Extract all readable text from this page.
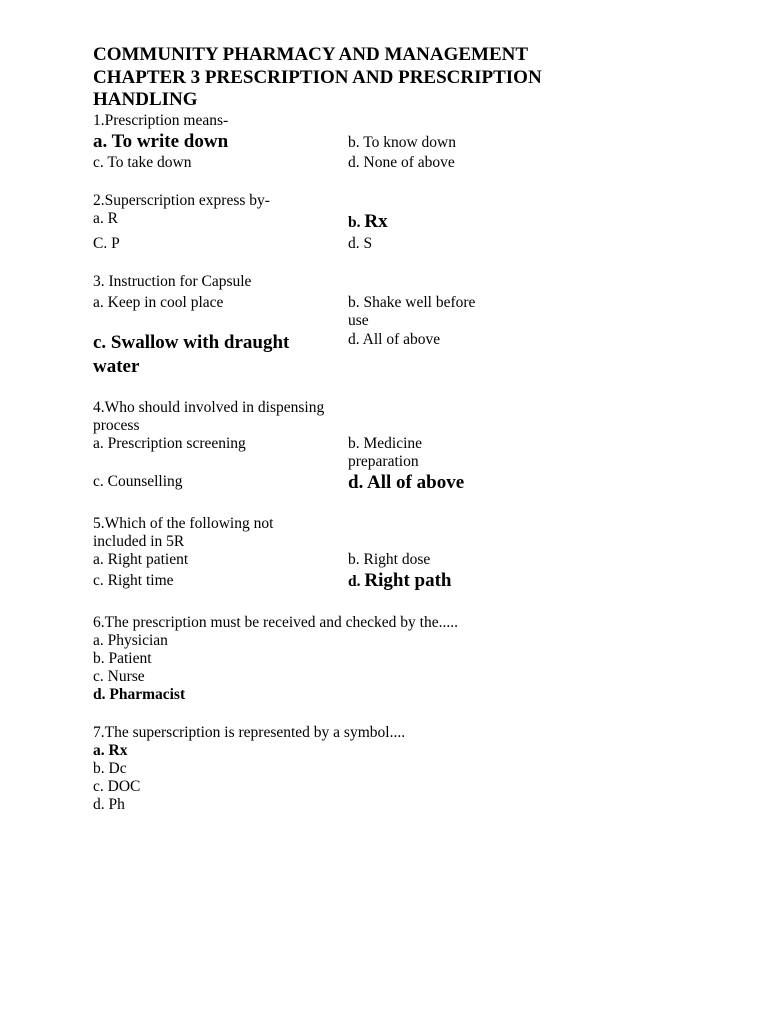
COMMUNITY PHARMACY AND MANAGEMENT

CHAPTER 3 PRESCRIPTION AND PRESCRIPTION

HANDLING

1.Prescription means-

a. To write down	b. To know down
c. To take down	d. None of above

2.Superscription express by-

a. R	b. Rx
C. P	d. S

3. Instruction for Capsule

a. Keep in cool place	b. Shake well before use
c. Swallow with draught water
d. All of above

4.Who should involved in dispensing process

a. Prescription screening	b. Medicine preparation
c. Counselling	d. All of above

5.Which of the following not included in 5R

a. Right patient	b. Right dose
c. Right time	d. Right path

6.The prescription must be received and checked by the.....

a. Physician

b. Patient

c. Nurse

d. Pharmacist

7.The superscription is represented by a symbol....

a. Rx

b. Dc

c. DOC

d. Ph
